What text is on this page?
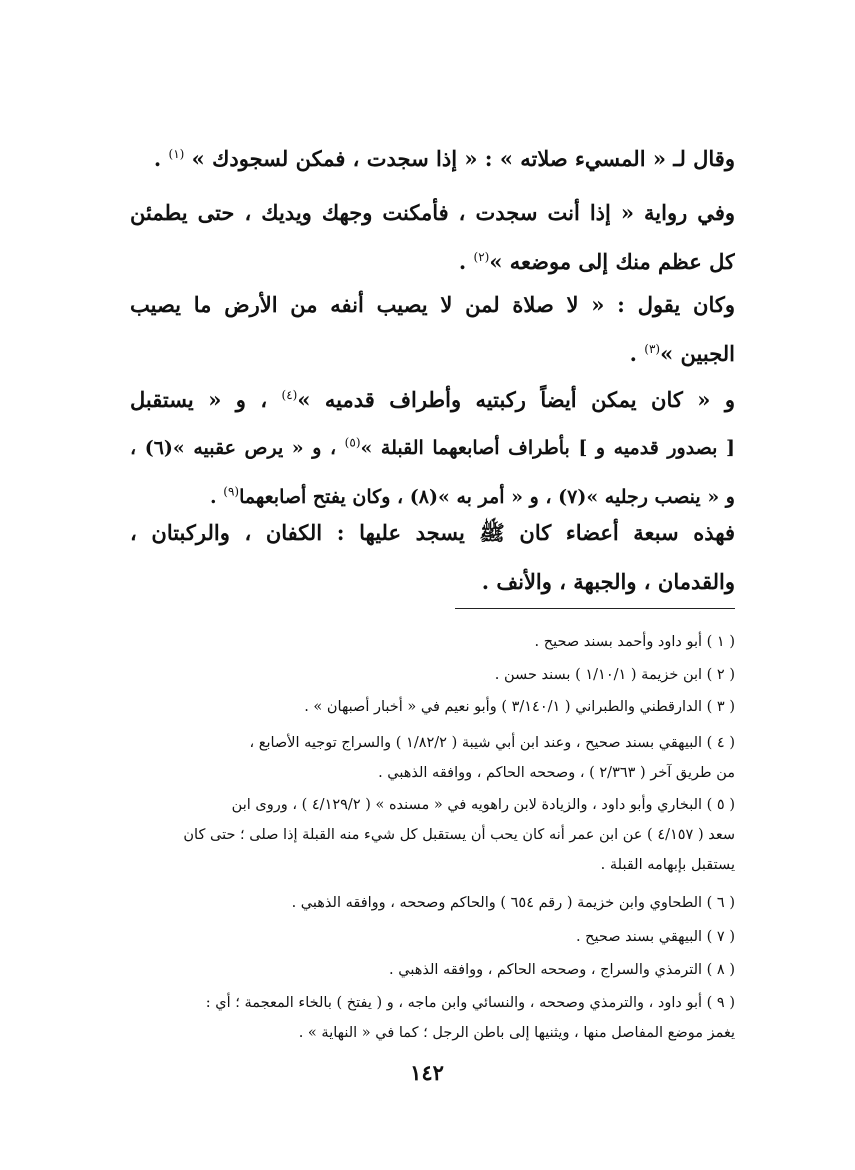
وقال لـ « المسيء صلاته » : « إذا سجدت ، فمكن لسجودك » $^{(١)}$ .
وفي رواية « إذا أنت سجدت ، فأمكنت وجهك ويديك ، حتى يطمئن
كل عظم منك إلى موضعه »$^{(٢)}$ .
وكان يقول : « لا صلاة لمن لا يصيب أنفه من الأرض ما يصيب
الجبين »$^{(٣)}$ .
و « كان يمكن أيضاً ركبتيه وأطراف قدميه »$^{(٤)}$ ، و « يستقبل
[ بصدور قدميه و ] بأطراف أصابعهما القبلة »$^{(٥)}$ ، و « يرص عقبيه »(٦) ،
و « ينصب رجليه »(٧) ، و « أمر به »(٨) ، وكان يفتح أصابعهما$^{(٩)}$ .
فهذه سبعة أعضاء كان ﷺ يسجد عليها : الكفان ، والركبتان ،
والقدمان ، والجبهة ، والأنف .
( ١ ) أبو داود وأحمد بسند صحيح .
( ٢ ) ابن خزيمة ( ١/١٠/١ ) بسند حسن .
( ٣ ) الدارقطني والطبراني ( ٣/١٤٠/١ ) وأبو نعيم في « أخبار أصبهان » .
( ٤ ) البيهقي بسند صحيح ، وعند ابن أبي شيبة ( ١/٨٢/٢ ) والسراج توجيه الأصابع ،
من طريق آخر ( ٢/٣٦٣ ) ، وصححه الحاكم ، ووافقه الذهبي .
( ٥ ) البخاري وأبو داود ، والزيادة لابن راهويه في « مسنده » ( ٤/١٢٩/٢ ) ، وروى ابن
سعد ( ٤/١٥٧ ) عن ابن عمر أنه كان يحب أن يستقبل كل شيء منه القبلة إذا صلى ؛ حتى كان
يستقبل بإبهامه القبلة .
( ٦ ) الطحاوي وابن خزيمة ( رقم ٦٥٤ ) والحاكم وصححه ، ووافقه الذهبي .
( ٧ ) البيهقي بسند صحيح .
( ٨ ) الترمذي والسراج ، وصححه الحاكم ، ووافقه الذهبي .
( ٩ ) أبو داود ، والترمذي وصححه ، والنسائي وابن ماجه ، و ( يفتخ ) بالخاء المعجمة ؛ أي :
يغمز موضع المفاصل منها ، ويثنيها إلى باطن الرجل ؛ كما في « النهاية » .
١٤٢
